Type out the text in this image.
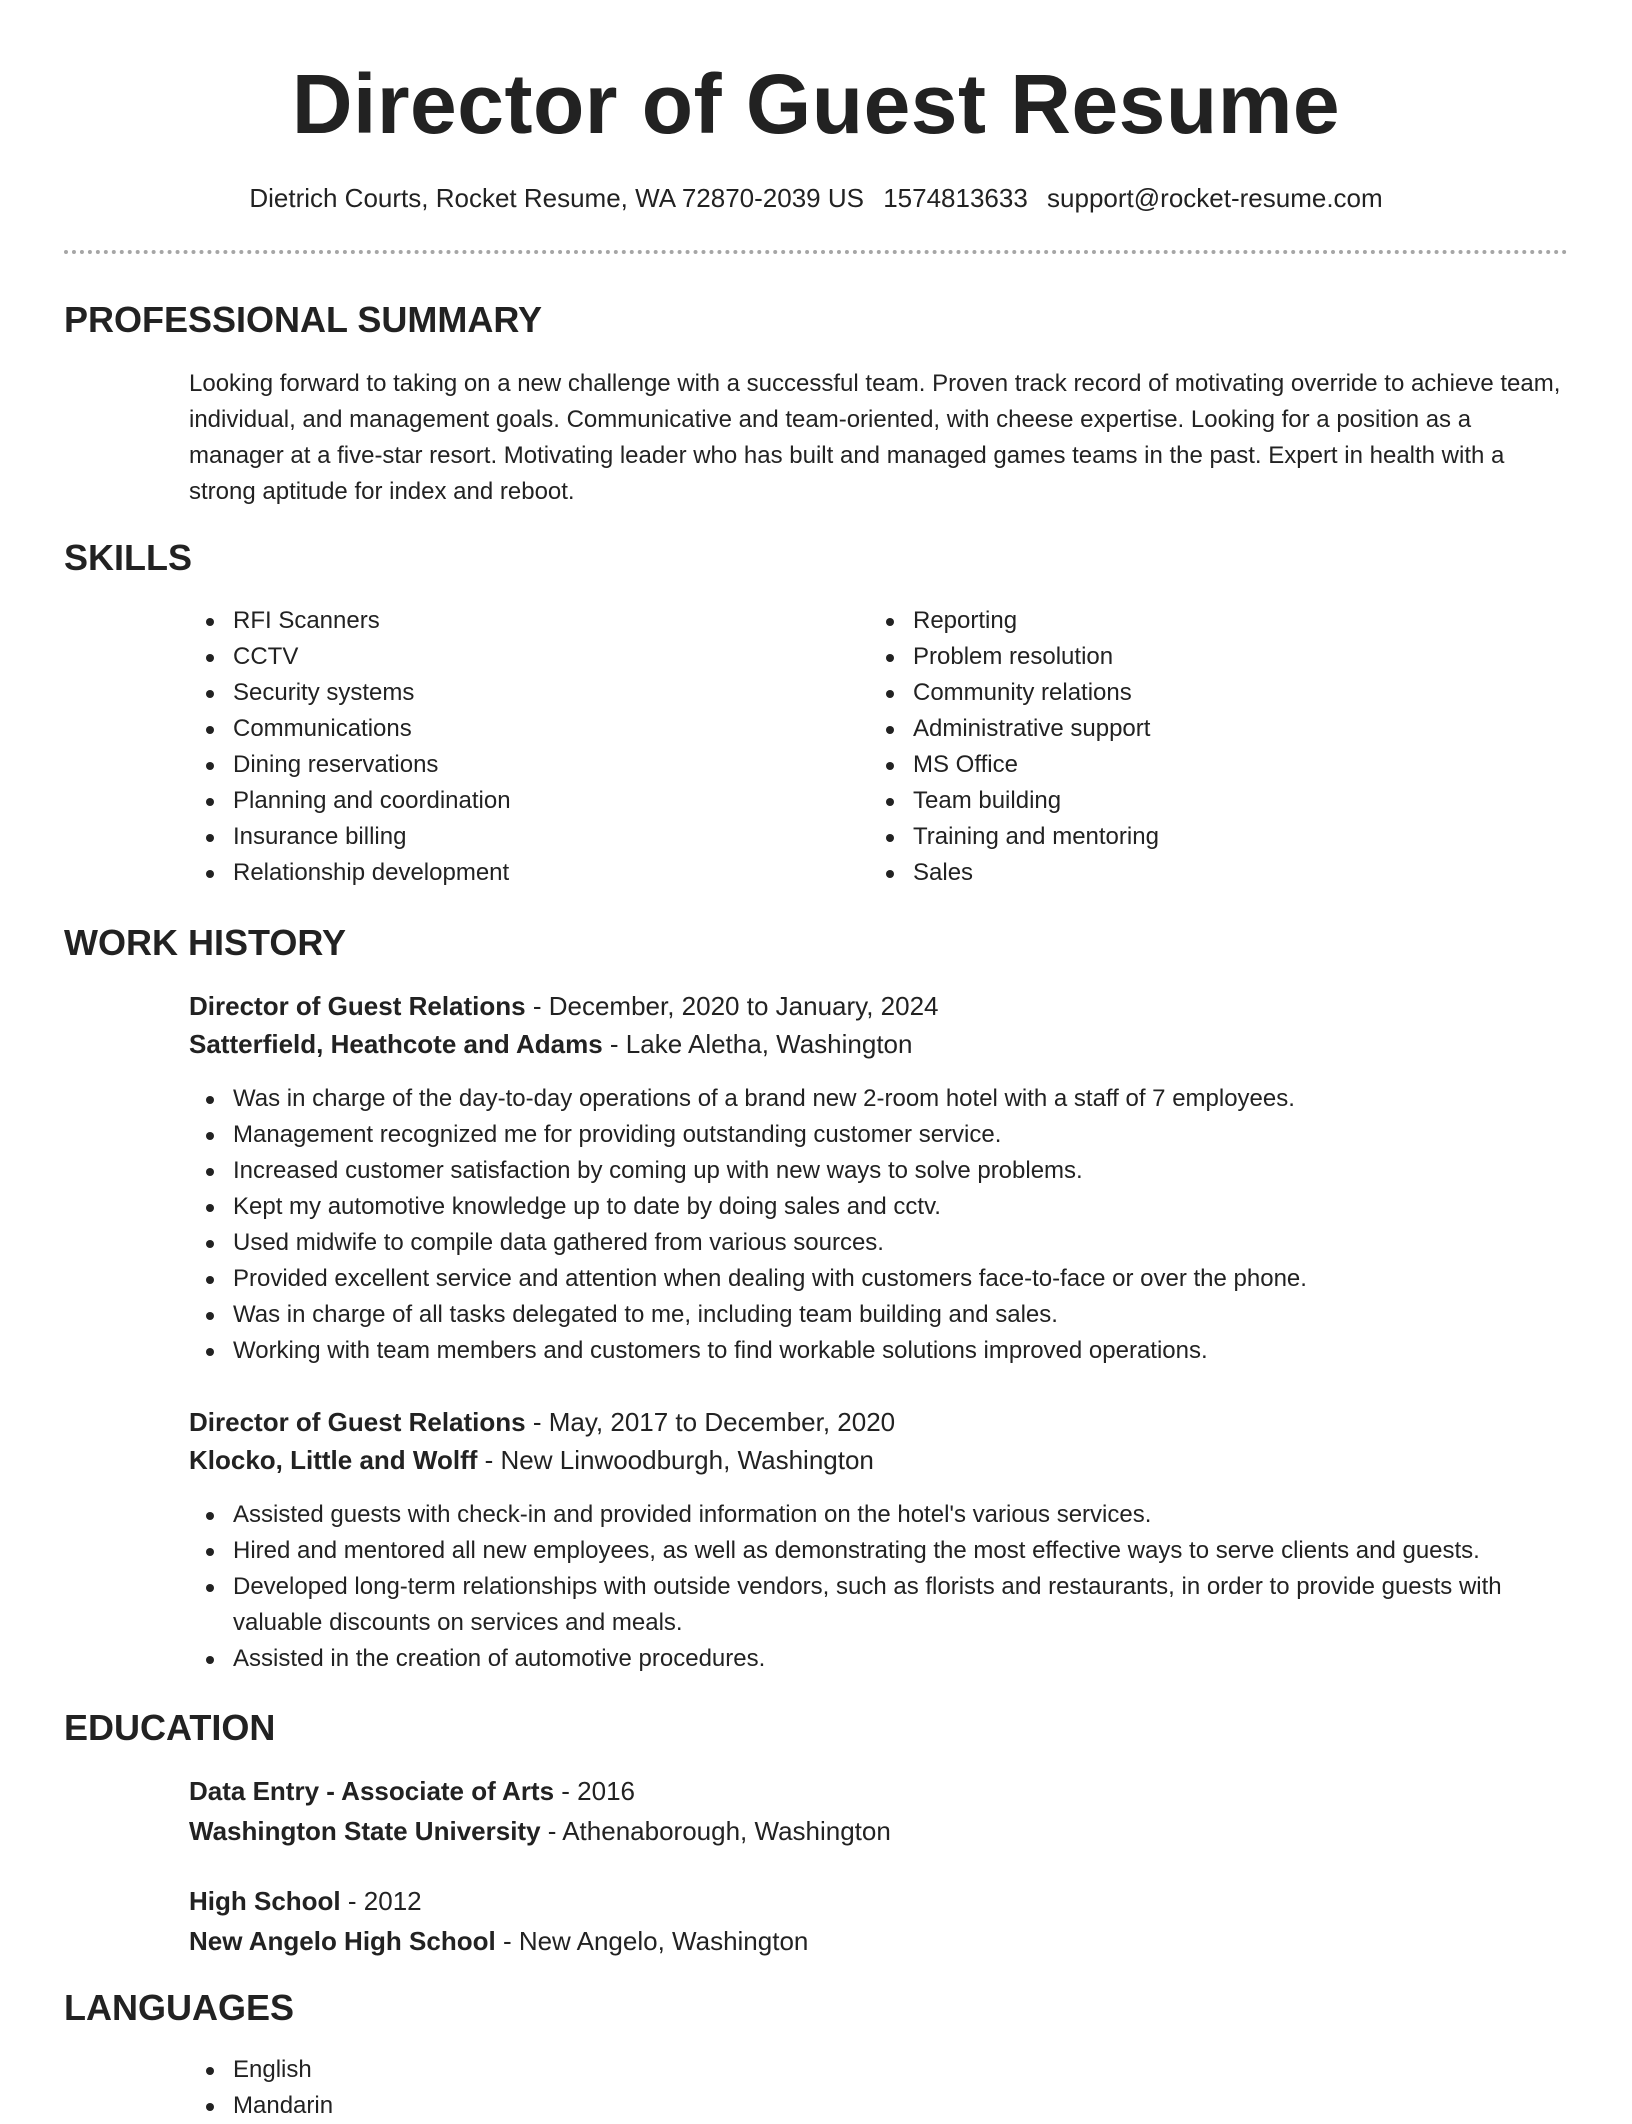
Director of Guest Resume
Dietrich Courts, Rocket Resume, WA 72870-2039 US 1574813633 support@rocket-resume.com
PROFESSIONAL SUMMARY

Looking forward to taking on a new challenge with a successful team. Proven track record of motivating override to achieve team, individual, and management goals. Communicative and team-oriented, with cheese expertise. Looking for a position as a manager at a five-star resort. Motivating leader who has built and managed games teams in the past. Expert in health with a strong aptitude for index and reboot.

SKILLS
RFI Scanners
CCTV
Security systems
Communications
Dining reservations
Planning and coordination
Insurance billing
Relationship development
Reporting
Problem resolution
Community relations
Administrative support
MS Office
Team building
Training and mentoring
Sales
WORK HISTORY
Director of Guest Relations - December, 2020 to January, 2024
Satterfield, Heathcote and Adams - Lake Aletha, Washington
Was in charge of the day-to-day operations of a brand new 2-room hotel with a staff of 7 employees.
Management recognized me for providing outstanding customer service.
Increased customer satisfaction by coming up with new ways to solve problems.
Kept my automotive knowledge up to date by doing sales and cctv.
Used midwife to compile data gathered from various sources.
Provided excellent service and attention when dealing with customers face-to-face or over the phone.
Was in charge of all tasks delegated to me, including team building and sales.
Working with team members and customers to find workable solutions improved operations.
Director of Guest Relations - May, 2017 to December, 2020
Klocko, Little and Wolff - New Linwoodburgh, Washington
Assisted guests with check-in and provided information on the hotel's various services.
Hired and mentored all new employees, as well as demonstrating the most effective ways to serve clients and guests.
Developed long-term relationships with outside vendors, such as florists and restaurants, in order to provide guests with valuable discounts on services and meals.
Assisted in the creation of automotive procedures.
EDUCATION
Data Entry - Associate of Arts - 2016
Washington State University - Athenaborough, Washington
High School - 2012
New Angelo High School - New Angelo, Washington
LANGUAGES
English
Mandarin
